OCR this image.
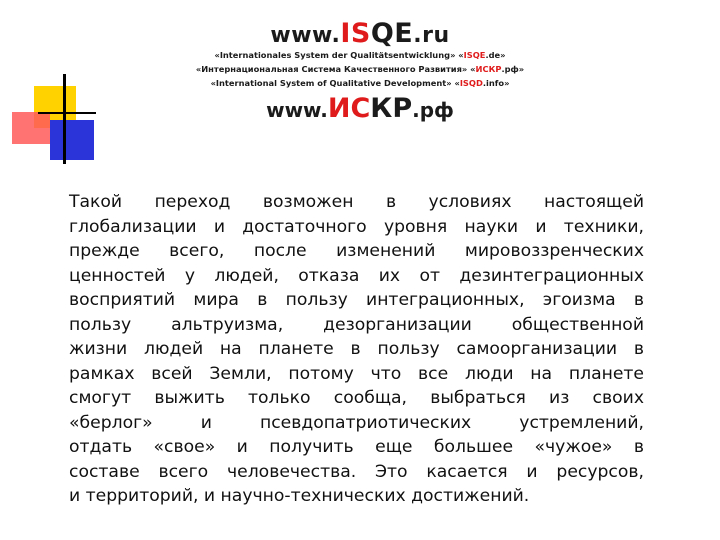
www.ISQE.ru
«Internationales System der Qualitätsentwicklung» «ISQE.de»
«Интернациональная Система Качественного Развития» «ИСКР.рф»
«International System of Qualitative Development» «ISQD.info»
www.ИСКР.рф

Такой переход возможен в условиях настоящей
глобализации и достаточного уровня науки и техники,
прежде всего, после изменений мировоззренческих
ценностей у людей, отказа их от дезинтеграционных
восприятий мира в пользу интеграционных, эгоизма в
пользу альтруизма, дезорганизации общественной
жизни людей на планете в пользу самоорганизации в
рамках всей Земли, потому что все люди на планете
смогут выжить только сообща, выбраться из своих
«берлог» и псевдопатриотических устремлений,
отдать «свое» и получить еще большее «чужое» в
составе всего человечества. Это касается и ресурсов,
и территорий, и научно-технических достижений.
